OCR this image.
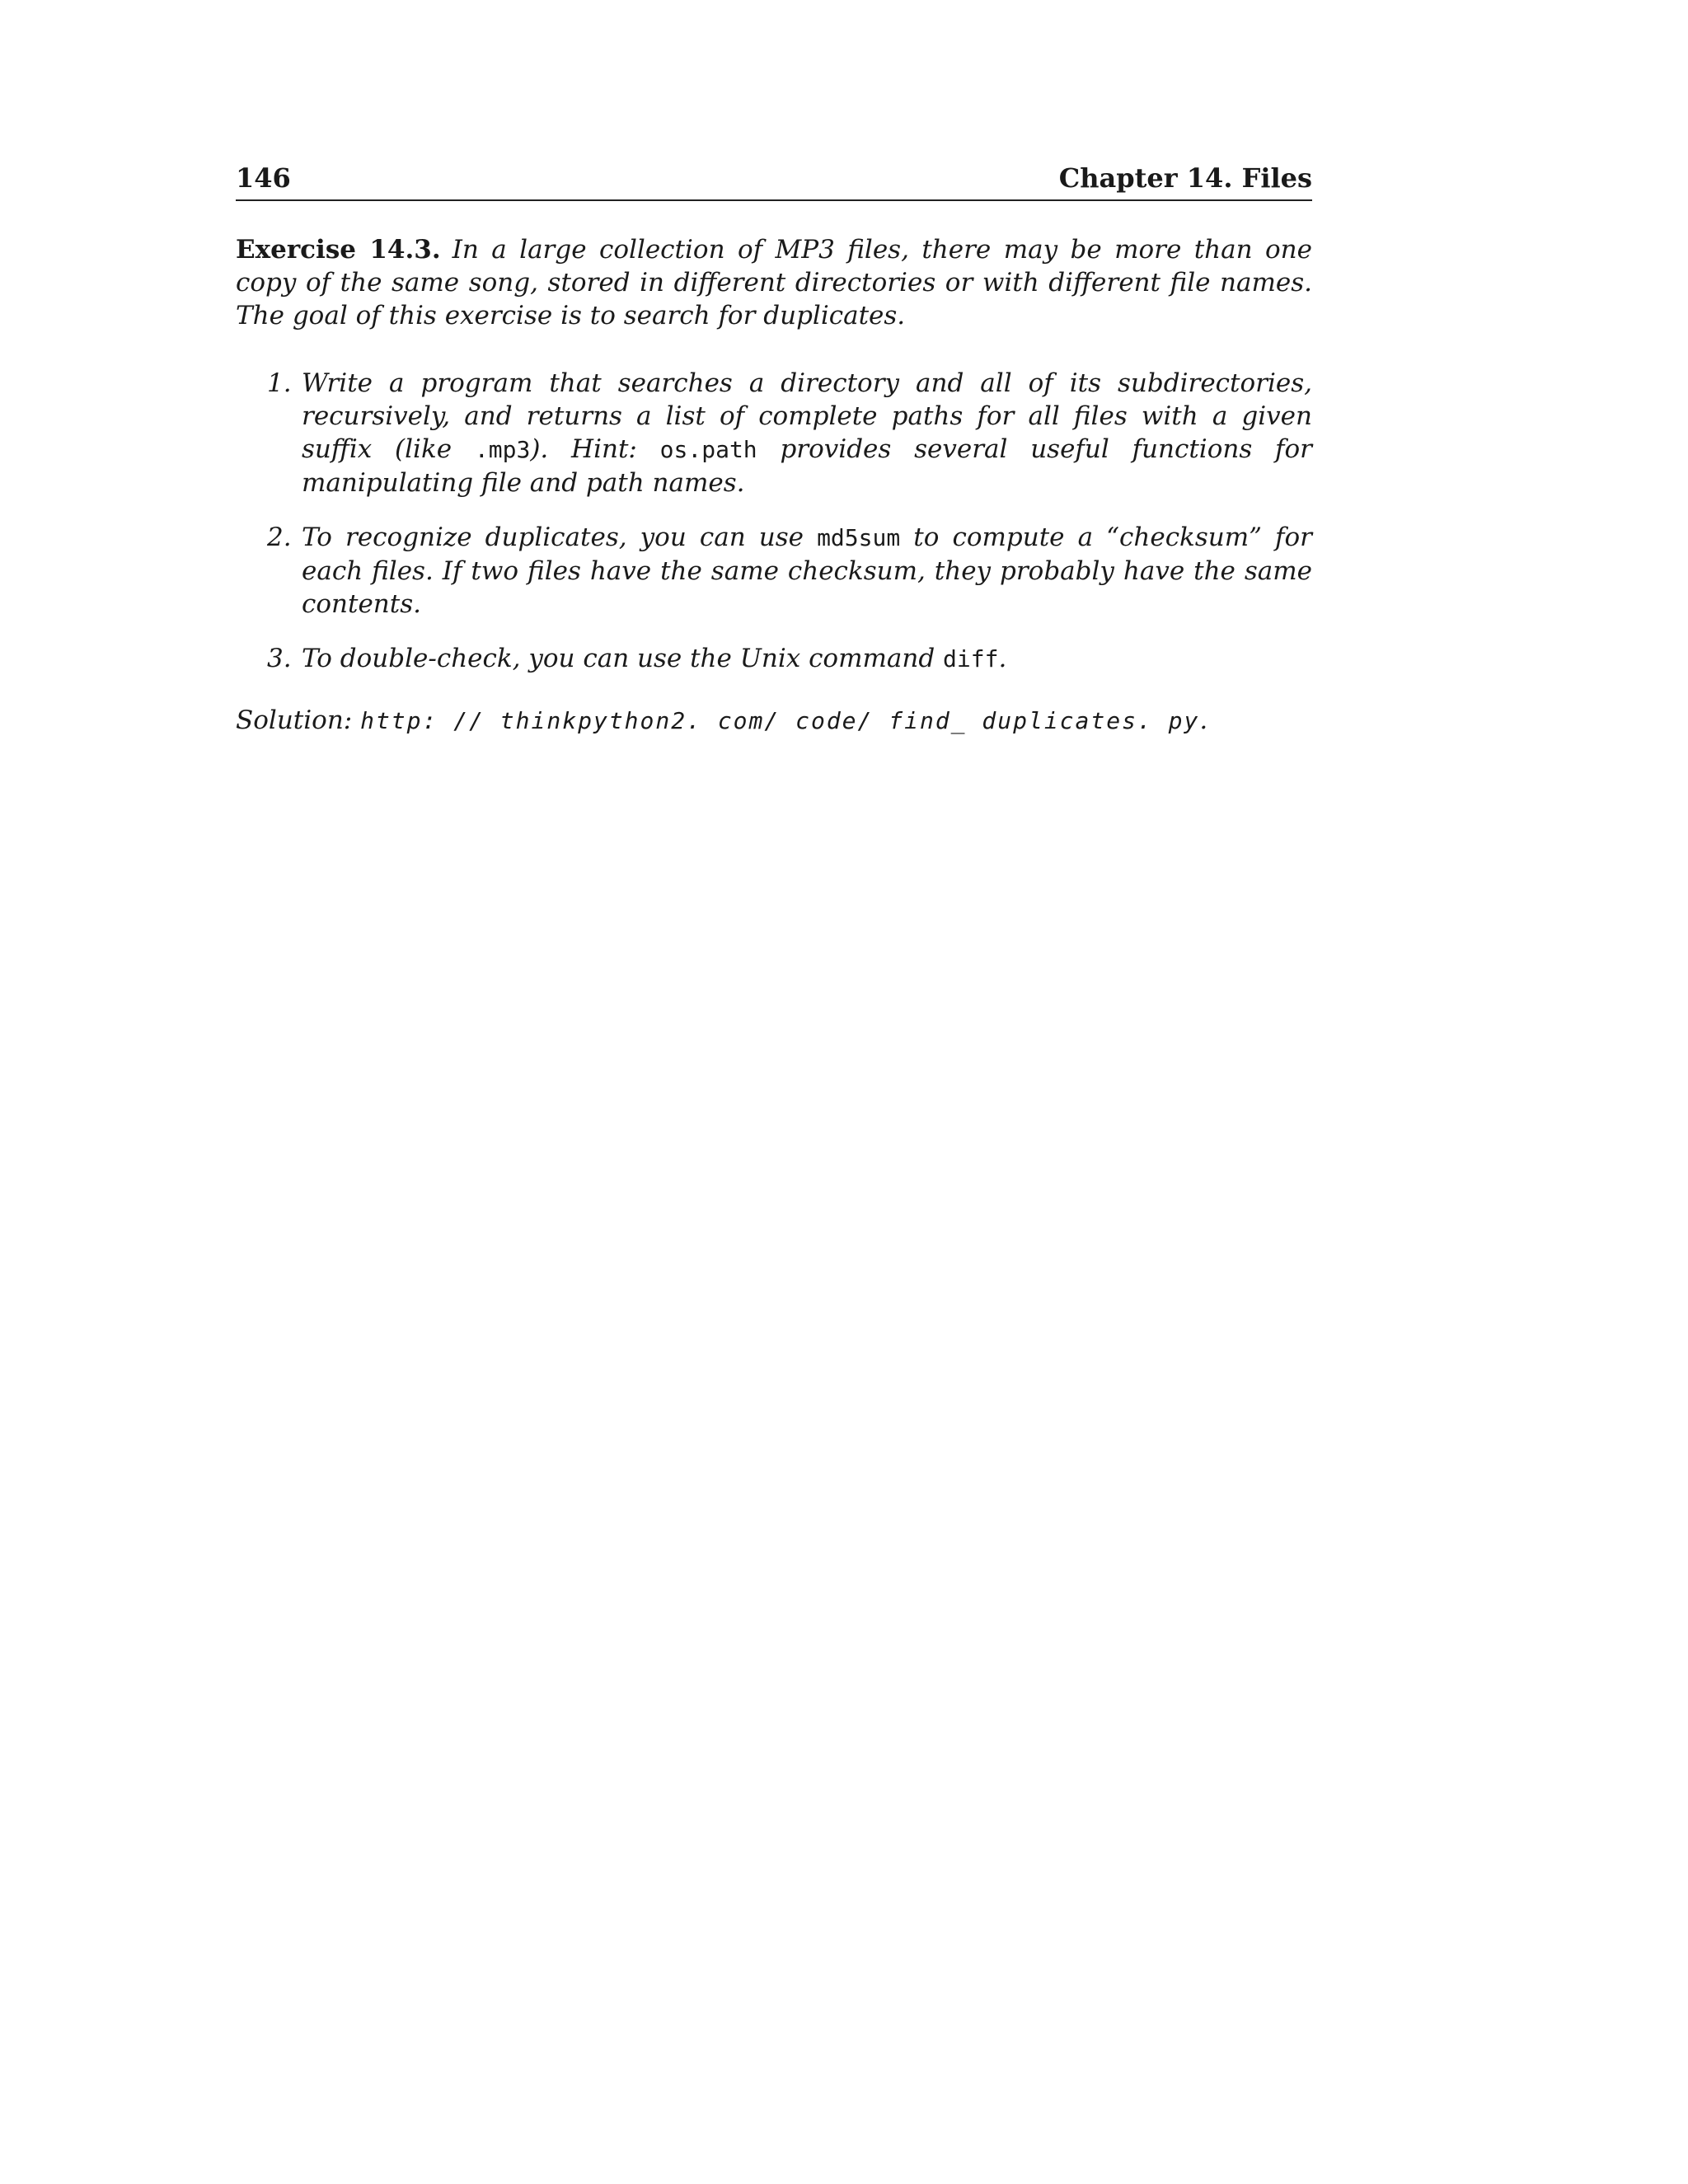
146	Chapter 14. Files

Exercise 14.3. In a large collection of MP3 files, there may be more than one copy of the same song, stored in different directories or with different file names. The goal of this exercise is to search for duplicates.

1. Write a program that searches a directory and all of its subdirectories, recursively, and returns a list of complete paths for all files with a given suffix (like .mp3). Hint: os.path provides several useful functions for manipulating file and path names.
2. To recognize duplicates, you can use md5sum to compute a “checksum” for each files. If two files have the same checksum, they probably have the same contents.
3. To double-check, you can use the Unix command diff.

Solution: http: // thinkpython2. com/ code/ find_ duplicates. py.
